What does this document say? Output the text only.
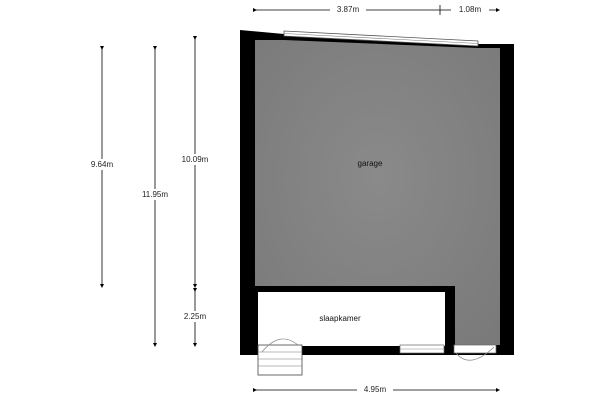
garage
slaapkamer
3.87m	1.08m
9.64m
11.95m
10.09m
2.25m
4.95m
